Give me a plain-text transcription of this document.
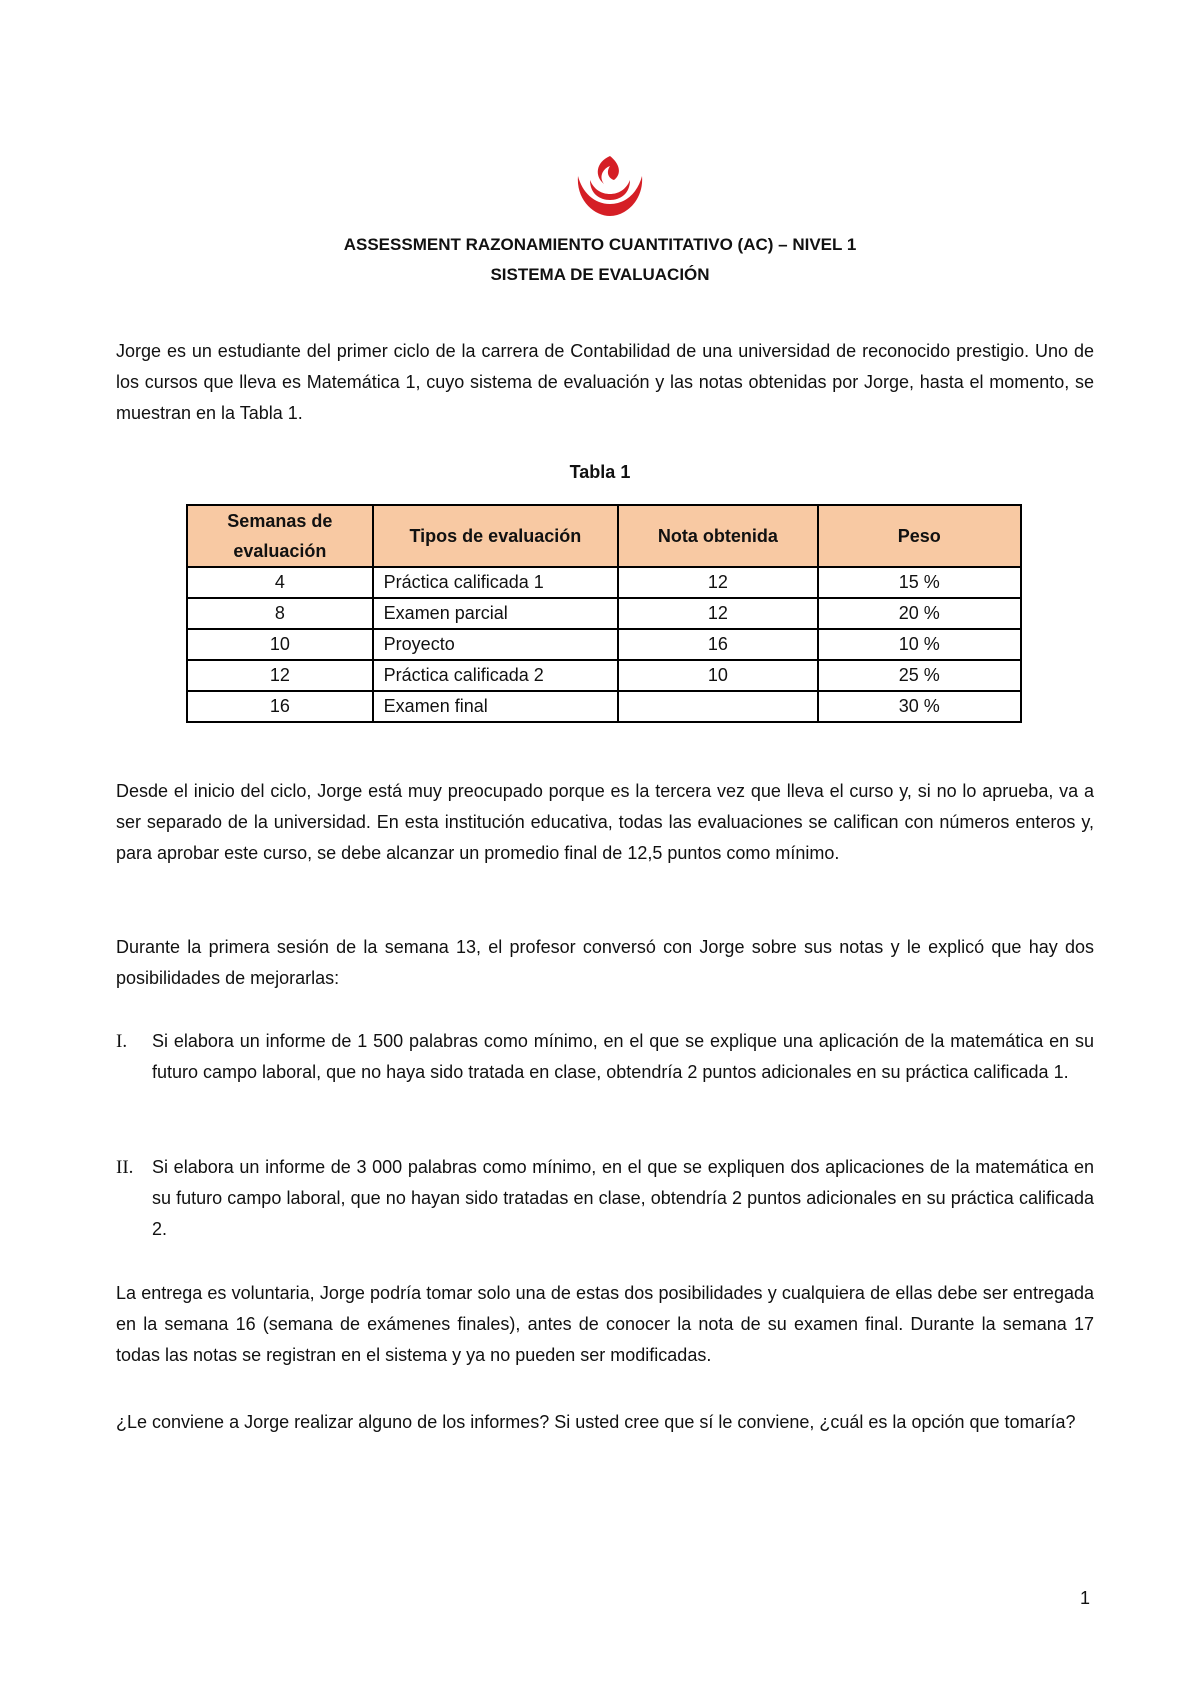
ASSESSMENT RAZONAMIENTO CUANTITATIVO (AC) – NIVEL 1
SISTEMA DE EVALUACIÓN

Jorge es un estudiante del primer ciclo de la carrera de Contabilidad de una universidad de reconocido prestigio. Uno de los cursos que lleva es Matemática 1, cuyo sistema de evaluación y las notas obtenidas por Jorge, hasta el momento, se muestran en la Tabla 1.

Tabla 1
Semanas de evaluación	Tipos de evaluación	Nota obtenida	Peso
4	Práctica calificada 1	12	15 %
8	Examen parcial	12	20 %
10	Proyecto	16	10 %
12	Práctica calificada 2	10	25 %
16	Examen final		30 %

Desde el inicio del ciclo, Jorge está muy preocupado porque es la tercera vez que lleva el curso y, si no lo aprueba, va a ser separado de la universidad. En esta institución educativa, todas las evaluaciones se califican con números enteros y, para aprobar este curso, se debe alcanzar un promedio final de 12,5 puntos como mínimo.

Durante la primera sesión de la semana 13, el profesor conversó con Jorge sobre sus notas y le explicó que hay dos posibilidades de mejorarlas:

I. Si elabora un informe de 1 500 palabras como mínimo, en el que se explique una aplicación de la matemática en su futuro campo laboral, que no haya sido tratada en clase, obtendría 2 puntos adicionales en su práctica calificada 1.
II. Si elabora un informe de 3 000 palabras como mínimo, en el que se expliquen dos aplicaciones de la matemática en su futuro campo laboral, que no hayan sido tratadas en clase, obtendría 2 puntos adicionales en su práctica calificada 2.

La entrega es voluntaria, Jorge podría tomar solo una de estas dos posibilidades y cualquiera de ellas debe ser entregada en la semana 16 (semana de exámenes finales), antes de conocer la nota de su examen final. Durante la semana 17 todas las notas se registran en el sistema y ya no pueden ser modificadas.

¿Le conviene a Jorge realizar alguno de los informes? Si usted cree que sí le conviene, ¿cuál es la opción que tomaría?

1
